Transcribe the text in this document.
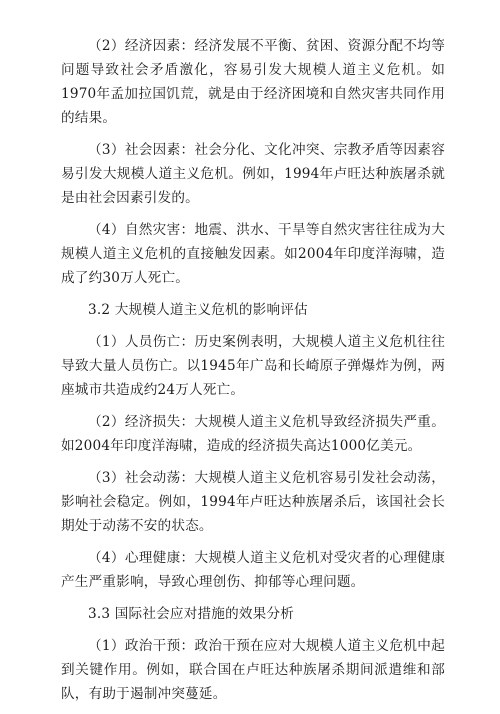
（2）经济因素：经济发展不平衡、贫困、资源分配不均等问题导致社会矛盾激化，容易引发大规模人道主义危机。如1970年孟加拉国饥荒，就是由于经济困境和自然灾害共同作用的结果。

（3）社会因素：社会分化、文化冲突、宗教矛盾等因素容易引发大规模人道主义危机。例如，1994年卢旺达种族屠杀就是由社会因素引发的。

（4）自然灾害：地震、洪水、干旱等自然灾害往往成为大规模人道主义危机的直接触发因素。如2004年印度洋海啸，造成了约30万人死亡。

3.2 大规模人道主义危机的影响评估

（1）人员伤亡：历史案例表明，大规模人道主义危机往往导致大量人员伤亡。以1945年广岛和长崎原子弹爆炸为例，两座城市共造成约24万人死亡。

（2）经济损失：大规模人道主义危机导致经济损失严重。如2004年印度洋海啸，造成的经济损失高达1000亿美元。

（3）社会动荡：大规模人道主义危机容易引发社会动荡，影响社会稳定。例如，1994年卢旺达种族屠杀后，该国社会长期处于动荡不安的状态。

（4）心理健康：大规模人道主义危机对受灾者的心理健康产生严重影响，导致心理创伤、抑郁等心理问题。

3.3 国际社会应对措施的效果分析

（1）政治干预：政治干预在应对大规模人道主义危机中起到关键作用。例如，联合国在卢旺达种族屠杀期间派遣维和部队，有助于遏制冲突蔓延。
